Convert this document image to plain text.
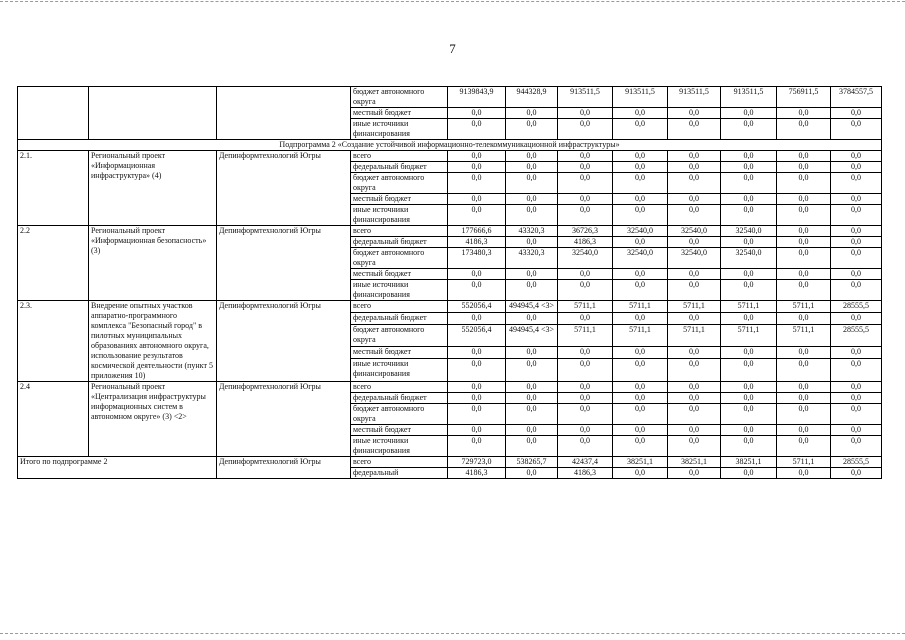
7
			бюджет автономного округа	9139843,9	944328,9	913511,5	913511,5	913511,5	913511,5	756911,5	3784557,5
			местный бюджет	0,0	0,0	0,0	0,0	0,0	0,0	0,0	0,0
			иные источники финансирования	0,0	0,0	0,0	0,0	0,0	0,0	0,0	0,0
Подпрограмма 2 «Создание устойчивой информационно-телекоммуникационной инфраструктуры»											
2.1.	Региональный проект «Информационная инфраструктура» (4)	Депинформтехнологий Югры	всего	0,0	0,0	0,0	0,0	0,0	0,0	0,0	0,0
			федеральный бюджет	0,0	0,0	0,0	0,0	0,0	0,0	0,0	0,0
			бюджет автономного округа	0,0	0,0	0,0	0,0	0,0	0,0	0,0	0,0
			местный бюджет	0,0	0,0	0,0	0,0	0,0	0,0	0,0	0,0
			иные источники финансирования	0,0	0,0	0,0	0,0	0,0	0,0	0,0	0,0
2.2	Региональный проект «Информационная безопасность» (3)	Депинформтехнологий Югры	всего	177666,6	43320,3	36726,3	32540,0	32540,0	32540,0	0,0	0,0
			федеральный бюджет	4186,3	0,0	4186,3	0,0	0,0	0,0	0,0	0,0
			бюджет автономного округа	173480,3	43320,3	32540,0	32540,0	32540,0	32540,0	0,0	0,0
			местный бюджет	0,0	0,0	0,0	0,0	0,0	0,0	0,0	0,0
			иные источники финансирования	0,0	0,0	0,0	0,0	0,0	0,0	0,0	0,0
2.3.	Внедрение опытных участков аппаратно-программного комплекса "Безопасный город" в пилотных муниципальных образованиях автономного округа, использование результатов космической деятельности (пункт 5 приложения 10)	Депинформтехнологий Югры	всего	552056,4	494945,4 <3>	5711,1	5711,1	5711,1	5711,1	5711,1	28555,5
			федеральный бюджет	0,0	0,0	0,0	0,0	0,0	0,0	0,0	0,0
			бюджет автономного округа	552056,4	494945,4 <3>	5711,1	5711,1	5711,1	5711,1	5711,1	28555,5
			местный бюджет	0,0	0,0	0,0	0,0	0,0	0,0	0,0	0,0
			иные источники финансирования	0,0	0,0	0,0	0,0	0,0	0,0	0,0	0,0
2.4	Региональный проект «Централизация инфраструктуры информационных систем в автономном округе» (3) <2>	Депинформтехнологий Югры	всего	0,0	0,0	0,0	0,0	0,0	0,0	0,0	0,0
			федеральный бюджет	0,0	0,0	0,0	0,0	0,0	0,0	0,0	0,0
			бюджет автономного округа	0,0	0,0	0,0	0,0	0,0	0,0	0,0	0,0
			местный бюджет	0,0	0,0	0,0	0,0	0,0	0,0	0,0	0,0
			иные источники финансирования	0,0	0,0	0,0	0,0	0,0	0,0	0,0	0,0
Итого по подпрограмме 2		Депинформтехнологий Югры	всего	729723,0	538265,7	42437,4	38251,1	38251,1	38251,1	5711,1	28555,5
			федеральный	4186,3	0,0	4186,3	0,0	0,0	0,0	0,0	0,0
